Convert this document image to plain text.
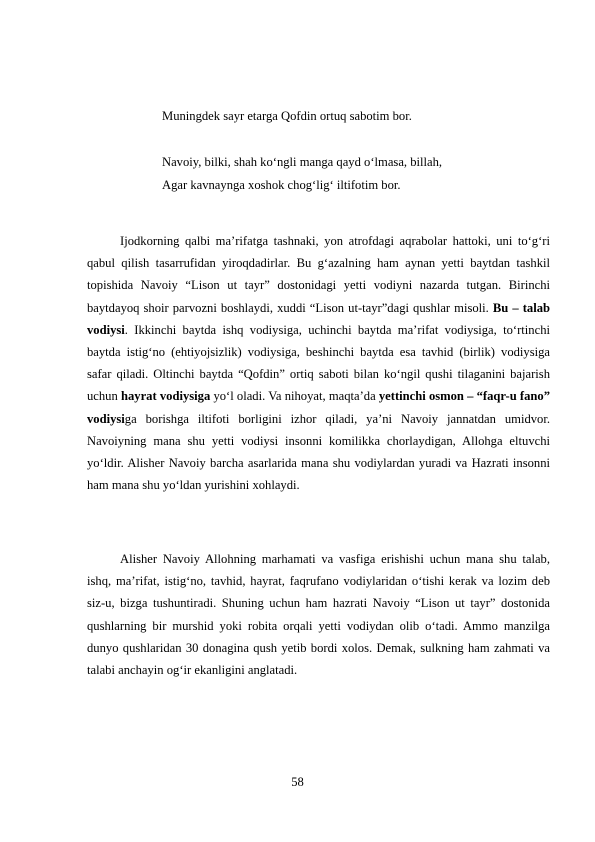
Muningdek sayr etarga Qofdin ortuq sabotim bor.
Navoiy, bilki, shah ko‘ngli manga qayd o‘lmasa, billah,
Agar kavnaynga xoshok chog‘lig‘ iltifotim bor.

Ijodkorning qalbi ma’rifatga tashnaki, yon atrofdagi aqrabolar hattoki, uni to‘g‘ri qabul qilish tasarrufidan yiroqdadirlar. Bu g‘azalning ham aynan yetti baytdan tashkil topishida Navoiy “Lison ut tayr” dostonidagi yetti vodiyni nazarda tutgan. Birinchi baytdayoq shoir parvozni boshlaydi, xuddi “Lison ut-tayr”dagi qushlar misoli. Bu – talab vodiysi. Ikkinchi baytda ishq vodiysiga, uchinchi baytda ma’rifat vodiysiga, to‘rtinchi baytda istig‘no (ehtiyojsizlik) vodiysiga, beshinchi baytda esa tavhid (birlik) vodiysiga safar qiladi. Oltinchi baytda “Qofdin” ortiq saboti bilan ko‘ngil qushi tilaganini bajarish uchun hayrat vodiysiga yo‘l oladi. Va nihoyat, maqta’da yettinchi osmon – “faqr-u fano” vodiysiga borishga iltifoti borligini izhor qiladi, ya’ni Navoiy jannatdan umidvor. Navoiyning mana shu yetti vodiysi insonni komilikka chorlaydigan, Allohga eltuvchi yo‘ldir. Alisher Navoiy barcha asarlarida mana shu vodiylardan yuradi va Hazrati insonni ham mana shu yo‘ldan yurishini xohlaydi.

Alisher Navoiy Allohning marhamati va vasfiga erishishi uchun mana shu talab, ishq, ma’rifat, istig‘no, tavhid, hayrat, faqrufano vodiylaridan o‘tishi kerak va lozim deb siz-u, bizga tushuntiradi. Shuning uchun ham hazrati Navoiy “Lison ut tayr” dostonida qushlarning bir murshid yoki robita orqali yetti vodiydan olib o‘tadi. Ammo manzilga dunyo qushlaridan 30 donagina qush yetib bordi xolos. Demak, sulkning ham zahmati va talabi anchayin og‘ir ekanligini anglatadi.

58
